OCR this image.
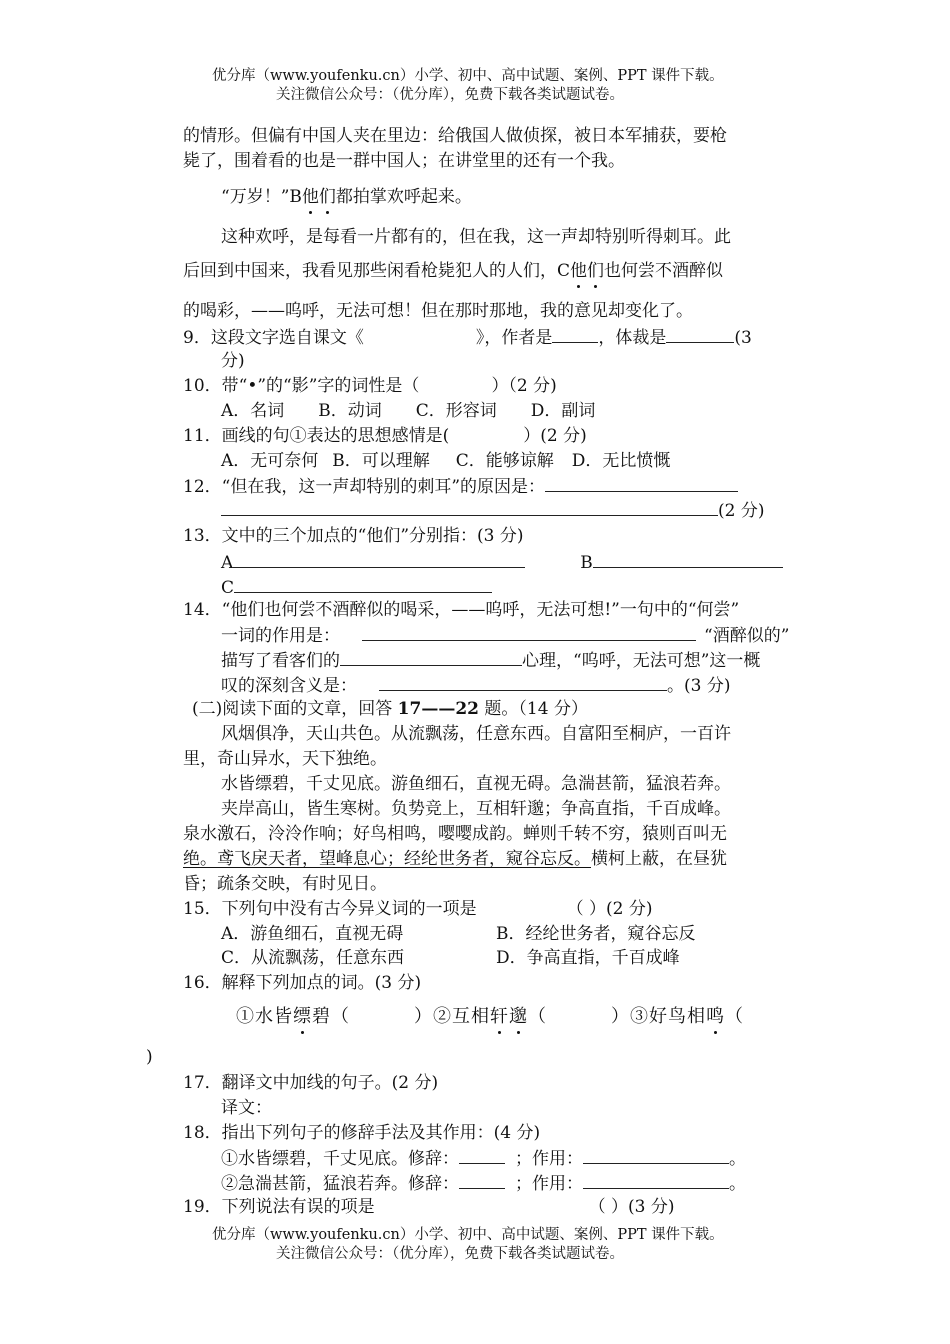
优分库（www.youfenku.cn）小学、初中、高中试题、案例、PPT 课件下载。
关注微信公众号：（优分库），免费下载各类试题试卷。
的情形。但偏有中国人夹在里边：给俄国人做侦探，被日本军捕获，要枪
毙了，围着看的也是一群中国人；在讲堂里的还有一个我。
“万岁！”B他们都拍掌欢呼起来。
这种欢呼，是每看一片都有的，但在我，这一声却特别听得刺耳。此
后回到中国来，我看见那些闲看枪毙犯人的人们，C他们也何尝不酒醉似
的喝彩，——呜呼，无法可想！但在那时那地，我的意见却变化了。
9．这段文字选自课文《	》，作者是	，体裁是	(3
分)
10．带“•”的“影”字的词性是（	）（2 分)
A．名词 B．动词 C．形容词 D．副词
11．画线的句①表达的思想感情是(	）(2 分)
A．无可奈何 B．可以理解 C．能够谅解 D．无比愤慨
12．“但在我，这一声却特别的刺耳”的原因是：
(2 分)
13．文中的三个加点的“他们”分别指：(3 分)
A	B
C
14．“他们也何尝不酒醉似的喝采，——呜呼，无法可想!”一句中的“何尝”
一词的作用是：	“酒醉似的”
描写了看客们的	心理，“呜呼，无法可想”这一概
叹的深刻含义是：	。(3 分)
(二)阅读下面的文章，回答 17——22 题。（14 分）
风烟俱净，天山共色。从流飘荡，任意东西。自富阳至桐庐，一百许
里，奇山异水，天下独绝。
水皆缥碧，千丈见底。游鱼细石，直视无碍。急湍甚箭，猛浪若奔。
夹岸高山，皆生寒树。负势竞上，互相轩邈；争高直指，千百成峰。
泉水激石，泠泠作响；好鸟相鸣，嘤嘤成韵。蝉则千转不穷，猿则百叫无
绝。鸢飞戾天者，望峰息心；经纶世务者，窥谷忘反。横柯上蔽，在昼犹
昏；疏条交映，有时见日。
15．下列句中没有古今异义词的一项是	（ ）(2 分)
A．游鱼细石，直视无碍	B．经纶世务者，窥谷忘反
C．从流飘荡，任意东西	D．争高直指，千百成峰
16．解释下列加点的词。(3 分)
①水皆缥碧（	）②互相轩邈（	）③好鸟相鸣（
)
17．翻译文中加线的句子。(2 分)
译文：
18．指出下列句子的修辞手法及其作用：(4 分)
①水皆缥碧，千丈见底。修辞：	；作用：	。
②急湍甚箭，猛浪若奔。修辞：	；作用：	。
19．下列说法有误的项是	（ ）(3 分)
优分库（www.youfenku.cn）小学、初中、高中试题、案例、PPT 课件下载。
关注微信公众号：（优分库），免费下载各类试题试卷。
